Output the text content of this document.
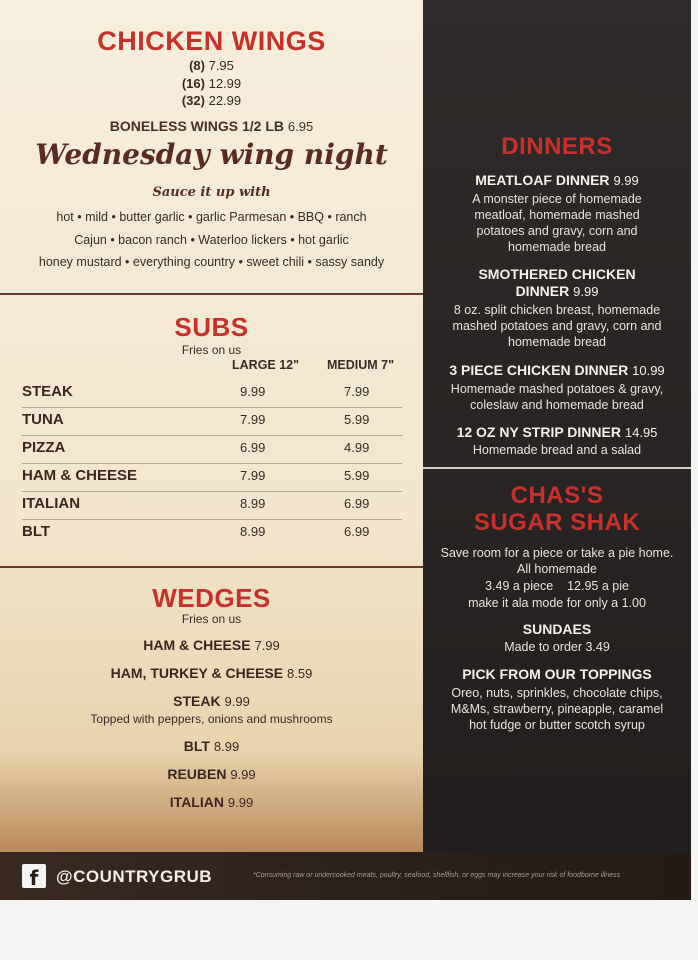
CHICKEN WINGS
(8) 7.95
(16) 12.99
(32) 22.99
BONELESS WINGS 1/2 LB 6.95
Wednesday wing night
Sauce it up with
hot • mild • butter garlic • garlic Parmesan • BBQ • ranch
Cajun • bacon ranch • Waterloo lickers • hot garlic
honey mustard • everything country • sweet chili • sassy sandy
SUBS
Fries on us
LARGE 12" MEDIUM 7"
STEAK	9.99	7.99
TUNA	7.99	5.99
PIZZA	6.99	4.99
HAM & CHEESE	7.99	5.99
ITALIAN	8.99	6.99
BLT	8.99	6.99
WEDGES
Fries on us
HAM & CHEESE 7.99
HAM, TURKEY & CHEESE 8.59
STEAK 9.99
Topped with peppers, onions and mushrooms
BLT 8.99
REUBEN 9.99
ITALIAN 9.99
DINNERS
MEATLOAF DINNER 9.99
A monster piece of homemade
meatloaf, homemade mashed
potatoes and gravy, corn and
homemade bread
SMOTHERED CHICKEN
DINNER 9.99
8 oz. split chicken breast, homemade
mashed potatoes and gravy, corn and
homemade bread
3 PIECE CHICKEN DINNER 10.99
Homemade mashed potatoes & gravy,
coleslaw and homemade bread
12 OZ NY STRIP DINNER 14.95
Homemade bread and a salad
CHAS'S
SUGAR SHAK
Save room for a piece or take a pie home.
All homemade
3.49 a piece    12.95 a pie
make it ala mode for only a 1.00
SUNDAES
Made to order 3.49
PICK FROM OUR TOPPINGS
Oreo, nuts, sprinkles, chocolate chips,
M&Ms, strawberry, pineapple, caramel
hot fudge or butter scotch syrup
f	@COUNTRYGRUB	*Consuming raw or undercooked meats, poultry, seafood, shellfish, or eggs may increase your risk of foodborne illness
